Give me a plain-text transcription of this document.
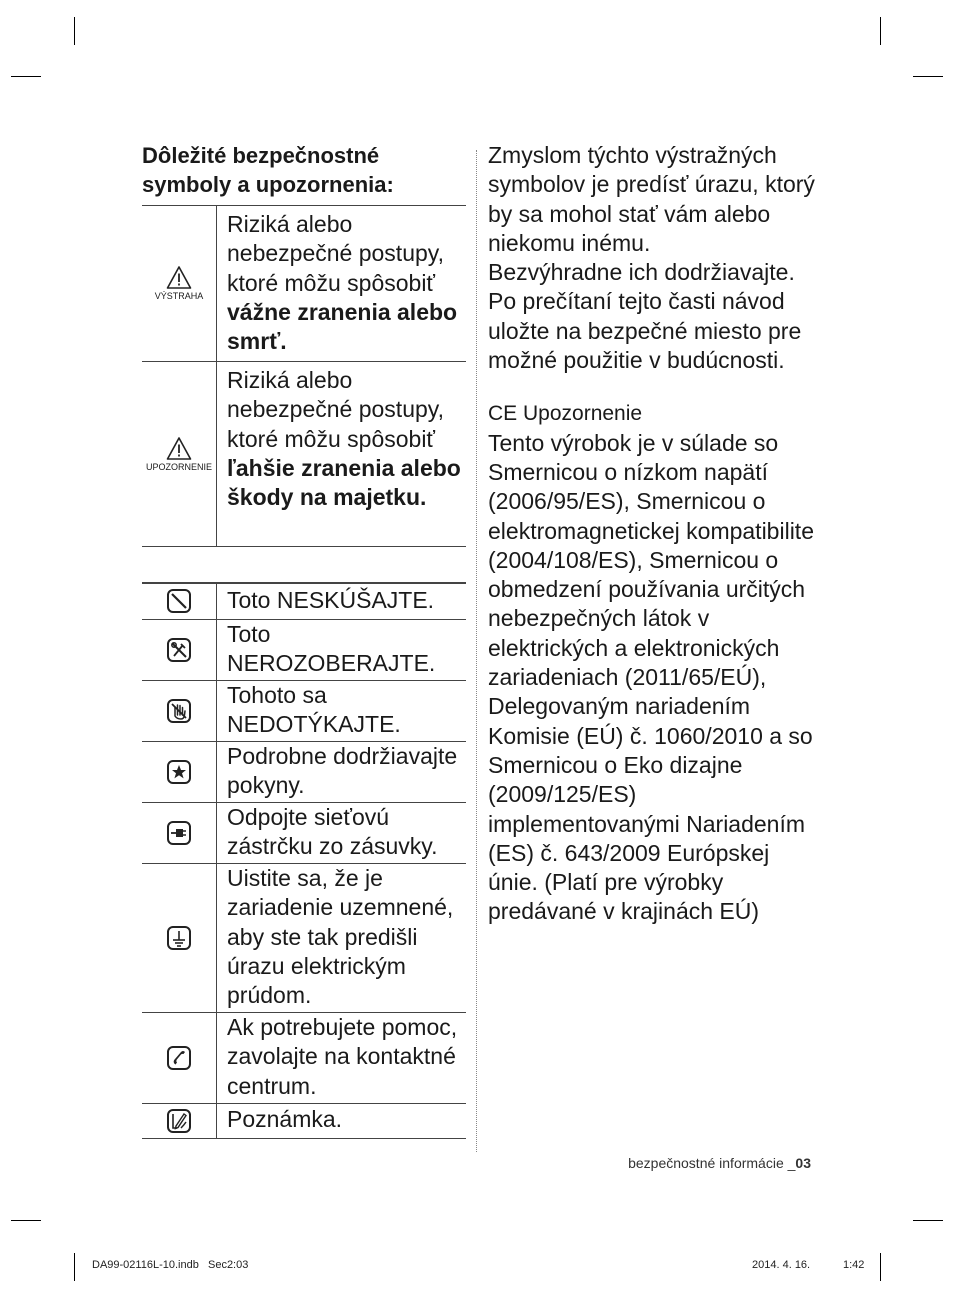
Dôležité bezpečnostné symboly a upozornenia:
VÝSTRAHA
Riziká alebo nebezpečné postupy, ktoré môžu spôsobiť vážne zranenia alebo smrť.
UPOZORNENIE
Riziká alebo nebezpečné postupy, ktoré môžu spôsobiť ľahšie zranenia alebo škody na majetku.
Toto NESKÚŠAJTE.
Toto NEROZOBERAJTE.
Tohoto sa NEDOTÝKAJTE.
Podrobne dodržiavajte pokyny.
Odpojte sieťovú zástrčku zo zásuvky.
Uistite sa, že je zariadenie uzemnené, aby ste tak predišli úrazu elektrickým prúdom.
Ak potrebujete pomoc, zavolajte na kontaktné centrum.
Poznámka.

Zmyslom týchto výstražných symbolov je predísť úrazu, ktorý by sa mohol stať vám alebo niekomu inému.

Bezvýhradne ich dodržiavajte.

Po prečítaní tejto časti návod uložte na bezpečné miesto pre možné použitie v budúcnosti.

CE Upozornenie

Tento výrobok je v súlade so Smernicou o nízkom napätí (2006/95/ES), Smernicou o elektromagnetickej kompatibilite (2004/108/ES), Smernicou o obmedzení používania určitých nebezpečných látok v elektrických a elektronických zariadeniach (2011/65/EÚ), Delegovaným nariadením Komisie (EÚ) č. 1060/2010 a so Smernicou o Eko dizajne (2009/125/ES) implementovanými Nariadením (ES) č. 643/2009 Európskej únie. (Platí pre výrobky predávané v krajinách EÚ)

bezpečnostné informácie _03
DA99-02116L-10.indb   Sec2:03	2014. 4. 16.	1:42
